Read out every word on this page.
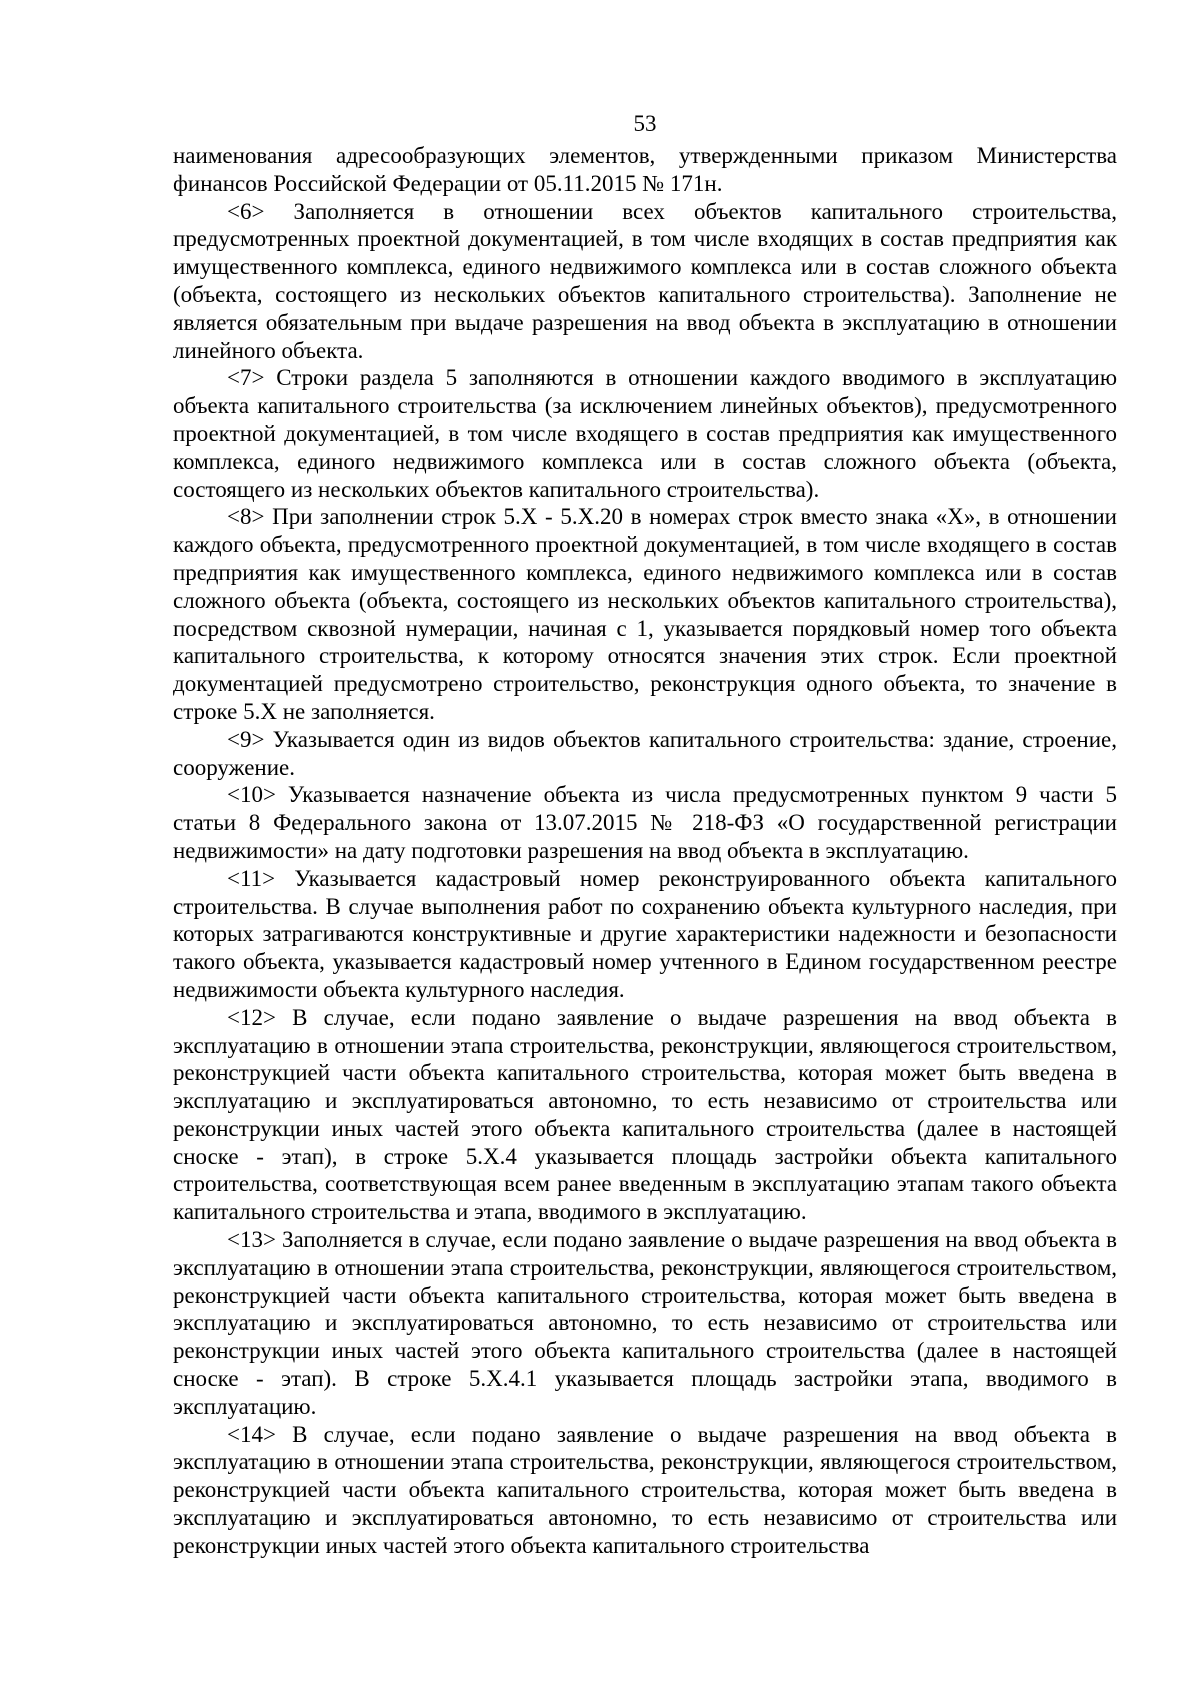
53

наименования адресообразующих элементов, утвержденными приказом Министерства финансов Российской Федерации от 05.11.2015 № 171н.

<6> Заполняется в отношении всех объектов капитального строительства, предусмотренных проектной документацией, в том числе входящих в состав предприятия как имущественного комплекса, единого недвижимого комплекса или в состав сложного объекта (объекта, состоящего из нескольких объектов капитального строительства). Заполнение не является обязательным при выдаче разрешения на ввод объекта в эксплуатацию в отношении линейного объекта.

<7> Строки раздела 5 заполняются в отношении каждого вводимого в эксплуатацию объекта капитального строительства (за исключением линейных объектов), предусмотренного проектной документацией, в том числе входящего в состав предприятия как имущественного комплекса, единого недвижимого комплекса или в состав сложного объекта (объекта, состоящего из нескольких объектов капитального строительства).

<8> При заполнении строк 5.X - 5.X.20 в номерах строк вместо знака «X», в отношении каждого объекта, предусмотренного проектной документацией, в том числе входящего в состав предприятия как имущественного комплекса, единого недвижимого комплекса или в состав сложного объекта (объекта, состоящего из нескольких объектов капитального строительства), посредством сквозной нумерации, начиная с 1, указывается порядковый номер того объекта капитального строительства, к которому относятся значения этих строк. Если проектной документацией предусмотрено строительство, реконструкция одного объекта, то значение в строке 5.X не заполняется.

<9> Указывается один из видов объектов капитального строительства: здание, строение, сооружение.

<10> Указывается назначение объекта из числа предусмотренных пунктом 9 части 5 статьи 8 Федерального закона от 13.07.2015 № 218-ФЗ «О государственной регистрации недвижимости» на дату подготовки разрешения на ввод объекта в эксплуатацию.

<11> Указывается кадастровый номер реконструированного объекта капитального строительства. В случае выполнения работ по сохранению объекта культурного наследия, при которых затрагиваются конструктивные и другие характеристики надежности и безопасности такого объекта, указывается кадастровый номер учтенного в Едином государственном реестре недвижимости объекта культурного наследия.

<12> В случае, если подано заявление о выдаче разрешения на ввод объекта в эксплуатацию в отношении этапа строительства, реконструкции, являющегося строительством, реконструкцией части объекта капитального строительства, которая может быть введена в эксплуатацию и эксплуатироваться автономно, то есть независимо от строительства или реконструкции иных частей этого объекта капитального строительства (далее в настоящей сноске - этап), в строке 5.X.4 указывается площадь застройки объекта капитального строительства, соответствующая всем ранее введенным в эксплуатацию этапам такого объекта капитального строительства и этапа, вводимого в эксплуатацию.

<13> Заполняется в случае, если подано заявление о выдаче разрешения на ввод объекта в эксплуатацию в отношении этапа строительства, реконструкции, являющегося строительством, реконструкцией части объекта капитального строительства, которая может быть введена в эксплуатацию и эксплуатироваться автономно, то есть независимо от строительства или реконструкции иных частей этого объекта капитального строительства (далее в настоящей сноске - этап). В строке 5.X.4.1 указывается площадь застройки этапа, вводимого в эксплуатацию.

<14> В случае, если подано заявление о выдаче разрешения на ввод объекта в эксплуатацию в отношении этапа строительства, реконструкции, являющегося строительством, реконструкцией части объекта капитального строительства, которая может быть введена в эксплуатацию и эксплуатироваться автономно, то есть независимо от строительства или реконструкции иных частей этого объекта капитального строительства
